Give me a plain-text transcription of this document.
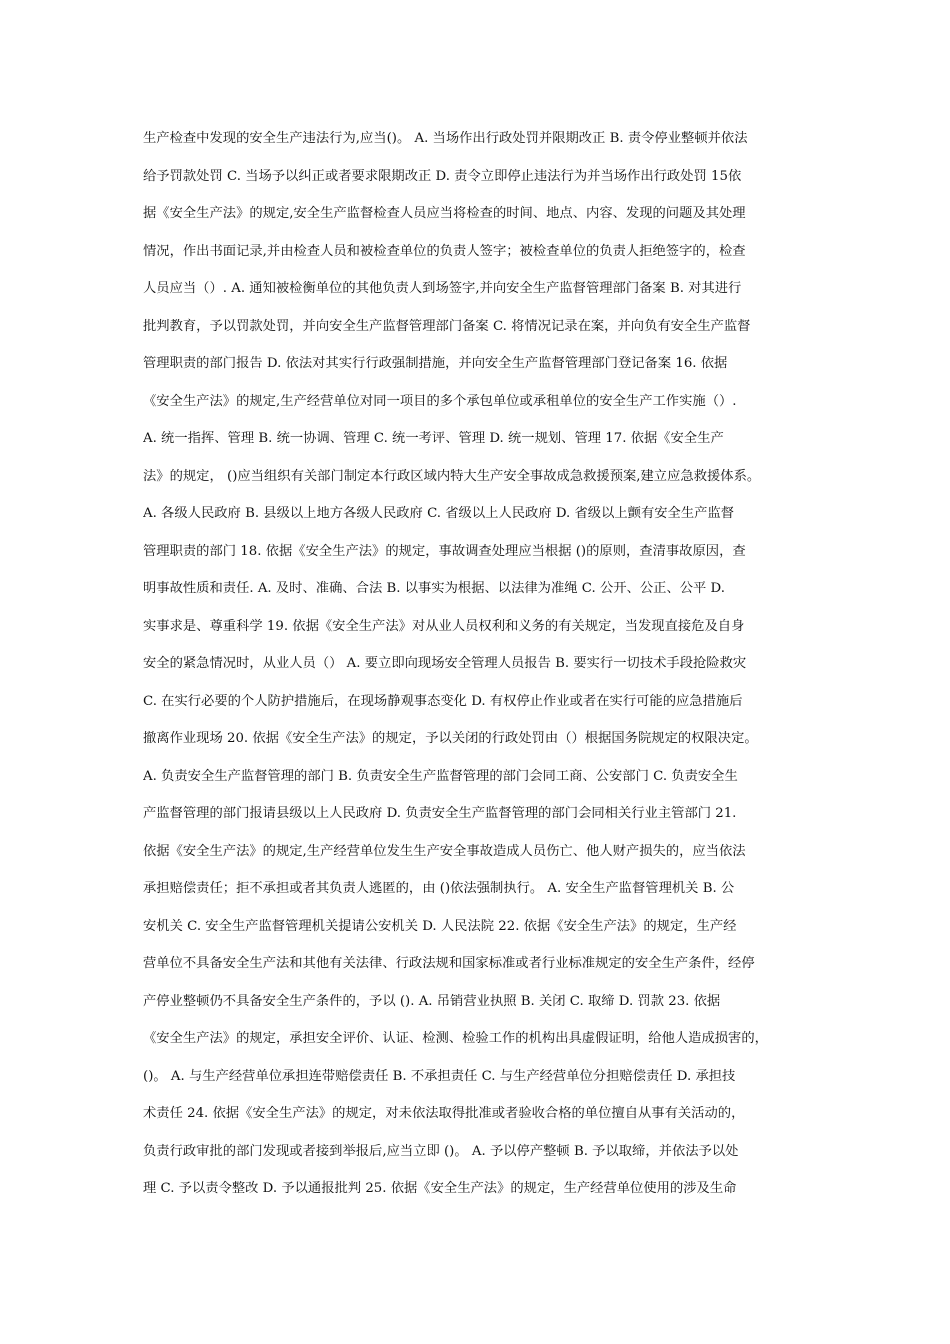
生产检查中发现的安全生产违法行为,应当()。 A. 当场作出行政处罚并限期改正 B. 责令停业整顿并依法
给予罚款处罚 C. 当场予以纠正或者要求限期改正 D. 责令立即停止违法行为并当场作出行政处罚 15依
据《安全生产法》的规定,安全生产监督检查人员应当将检查的时间、地点、内容、发现的问题及其处理
情况，作出书面记录,并由检查人员和被检查单位的负责人签字；被检查单位的负责人拒绝签字的，检查
人员应当（）. A. 通知被检衡单位的其他负责人到场签字,并向安全生产监督管理部门备案 B. 对其进行
批判教育，予以罚款处罚，并向安全生产监督管理部门备案 C. 将情况记录在案，并向负有安全生产监督
管理职责的部门报告 D. 依法对其实行行政强制措施，并向安全生产监督管理部门登记备案 16. 依据
《安全生产法》的规定,生产经营单位对同一项目的多个承包单位或承租单位的安全生产工作实施（）.
A. 统一指挥、管理 B. 统一协调、管理 C. 统一考评、管理 D. 统一规划、管理 17. 依据《安全生产
法》的规定， ()应当组织有关部门制定本行政区域内特大生产安全事故成急救援预案,建立应急救援体系。
A. 各级人民政府 B. 县级以上地方各级人民政府 C. 省级以上人民政府 D. 省级以上颤有安全生产监督
管理职责的部门 18. 依据《安全生产法》的规定，事故调查处理应当根据 ()的原则，查清事故原因，查
明事故性质和责任. A. 及时、准确、合法 B. 以事实为根据、以法律为准绳 C. 公开、公正、公平 D.
实事求是、尊重科学 19. 依据《安全生产法》对从业人员权利和义务的有关规定，当发现直接危及自身
安全的紧急情况时，从业人员（） A. 要立即向现场安全管理人员报告 B. 要实行一切技术手段抢险救灾
C. 在实行必要的个人防护措施后，在现场静观事态变化 D. 有权停止作业或者在实行可能的应急措施后
撤离作业现场 20. 依据《安全生产法》的规定，予以关闭的行政处罚由（）根据国务院规定的权限决定。
A. 负责安全生产监督管理的部门 B. 负责安全生产监督管理的部门会同工商、公安部门 C. 负责安全生
产监督管理的部门报请县级以上人民政府 D. 负责安全生产监督管理的部门会同相关行业主管部门 21.
依据《安全生产法》的规定,生产经营单位发生生产安全事故造成人员伤亡、他人财产损失的，应当依法
承担赔偿责任；拒不承担或者其负责人逃匿的，由 ()依法强制执行。 A. 安全生产监督管理机关 B. 公
安机关 C. 安全生产监督管理机关提请公安机关 D. 人民法院 22. 依据《安全生产法》的规定，生产经
营单位不具备安全生产法和其他有关法律、行政法规和国家标准或者行业标准规定的安全生产条件，经停
产停业整顿仍不具备安全生产条件的，予以 (). A. 吊销营业执照 B. 关闭 C. 取缔 D. 罚款 23. 依据
《安全生产法》的规定，承担安全评价、认证、检测、检验工作的机构出具虚假证明，给他人造成损害的，
()。 A. 与生产经营单位承担连带赔偿责任 B. 不承担责任 C. 与生产经营单位分担赔偿责任 D. 承担技
术责任 24. 依据《安全生产法》的规定，对未依法取得批准或者验收合格的单位擅自从事有关活动的，
负责行政审批的部门发现或者接到举报后,应当立即 ()。 A. 予以停产整顿 B. 予以取缔，并依法予以处
理 C. 予以责令整改 D. 予以通报批判 25. 依据《安全生产法》的规定，生产经营单位使用的涉及生命
